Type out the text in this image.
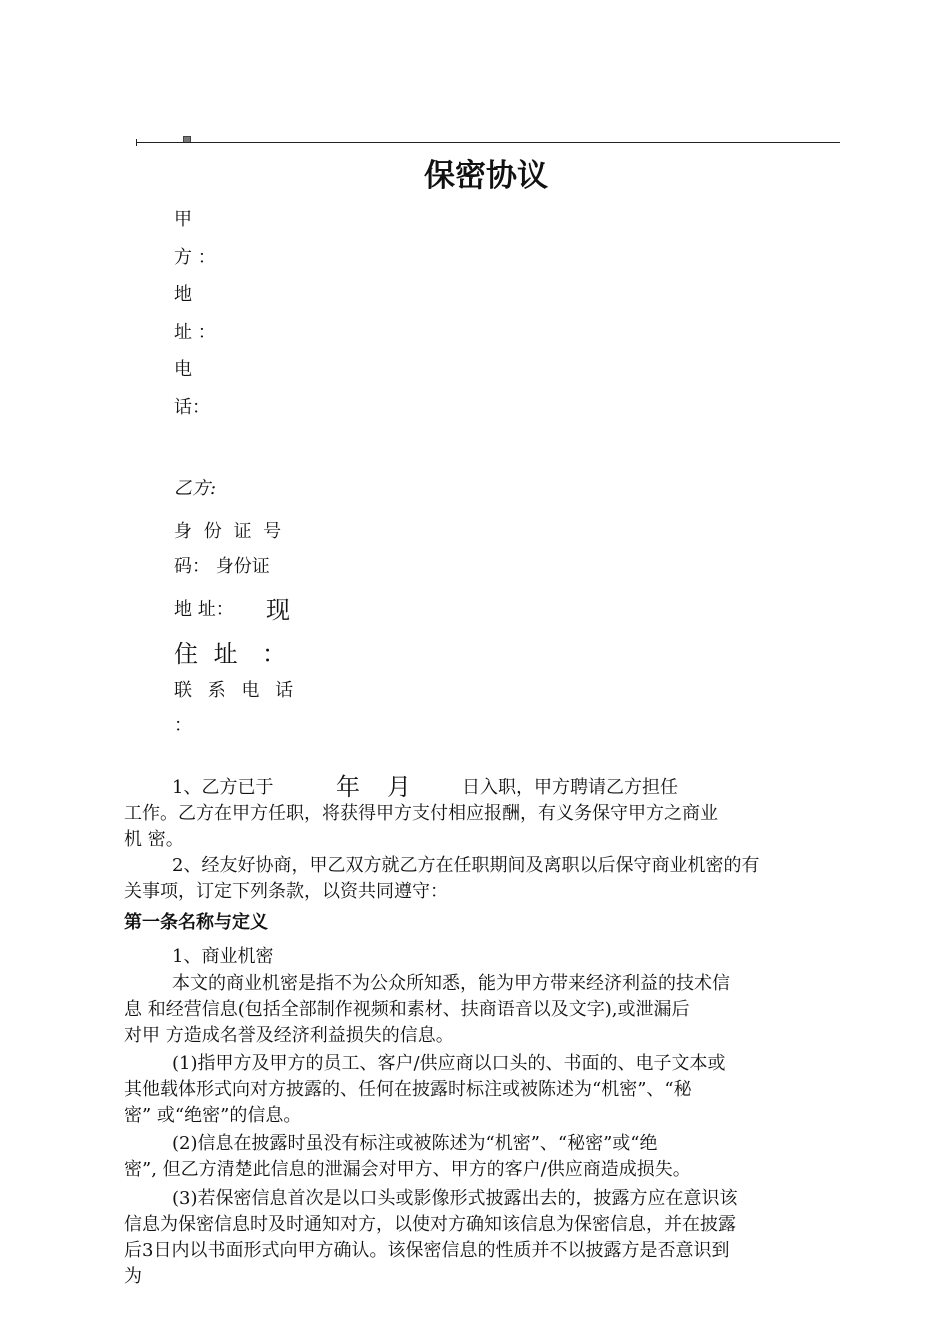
保密协议
甲
方 ：
地
址 ：
电
话：
乙方:
身 份 证 号
码： 身份证
地 址： 现
住 址 ：
联 系 电 话
：
1、乙方已于	年 月	日入职，甲方聘请乙方担任
工作。乙方在甲方任职，将获得甲方支付相应报酬，有义务保守甲方之商业
机 密。
2、经友好协商，甲乙双方就乙方在任职期间及离职以后保守商业机密的有
关事项，订定下列条款，以资共同遵守：
第一条名称与定义
1、商业机密
本文的商业机密是指不为公众所知悉，能为甲方带来经济利益的技术信
息 和经营信息(包括全部制作视频和素材、扶商语音以及文字),或泄漏后
对甲 方造成名誉及经济利益损失的信息。
(1)指甲方及甲方的员工、客户/供应商以口头的、书面的、电子文本或
其他载体形式向对方披露的、任何在披露时标注或被陈述为“机密”、“秘
密” 或“绝密”的信息。
(2)信息在披露时虽没有标注或被陈述为“机密”、“秘密”或“绝
密”, 但乙方清楚此信息的泄漏会对甲方、甲方的客户/供应商造成损失。
(3)若保密信息首次是以口头或影像形式披露出去的，披露方应在意识该
信息为保密信息时及时通知对方，以使对方确知该信息为保密信息，并在披露
后3日内以书面形式向甲方确认。该保密信息的性质并不以披露方是否意识到
为
